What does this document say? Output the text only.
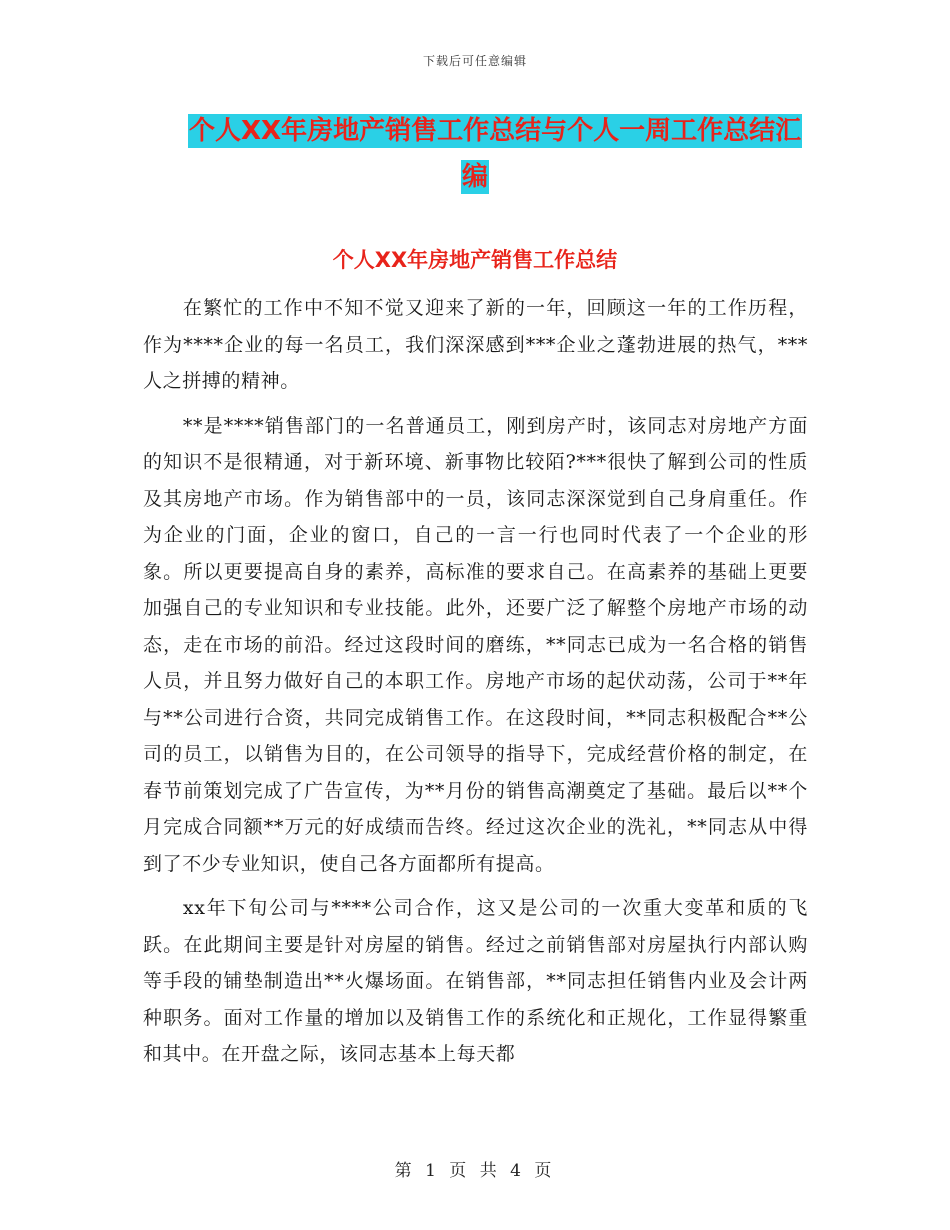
下载后可任意编辑
个人XX年房地产销售工作总结与个人一周工作总结汇
编
个人XX年房地产销售工作总结

在繁忙的工作中不知不觉又迎来了新的一年，回顾这一年的工作历程，作为****企业的每一名员工，我们深深感到***企业之蓬勃进展的热气，***人之拼搏的精神。

**是****销售部门的一名普通员工，刚到房产时，该同志对房地产方面的知识不是很精通，对于新环境、新事物比较陌?***很快了解到公司的性质及其房地产市场。作为销售部中的一员，该同志深深觉到自己身肩重任。作为企业的门面，企业的窗口，自己的一言一行也同时代表了一个企业的形象。所以更要提高自身的素养，高标准的要求自己。在高素养的基础上更要加强自己的专业知识和专业技能。此外，还要广泛了解整个房地产市场的动态，走在市场的前沿。经过这段时间的磨练，**同志已成为一名合格的销售人员，并且努力做好自己的本职工作。房地产市场的起伏动荡，公司于**年与**公司进行合资，共同完成销售工作。在这段时间，**同志积极配合**公司的员工，以销售为目的，在公司领导的指导下，完成经营价格的制定，在春节前策划完成了广告宣传，为**月份的销售高潮奠定了基础。最后以**个月完成合同额**万元的好成绩而告终。经过这次企业的洗礼，**同志从中得到了不少专业知识，使自己各方面都所有提高。

xx年下旬公司与****公司合作，这又是公司的一次重大变革和质的飞跃。在此期间主要是针对房屋的销售。经过之前销售部对房屋执行内部认购等手段的铺垫制造出**火爆场面。在销售部，**同志担任销售内业及会计两种职务。面对工作量的增加以及销售工作的系统化和正规化，工作显得繁重和其中。在开盘之际，该同志基本上每天都

第 1 页 共 4 页
